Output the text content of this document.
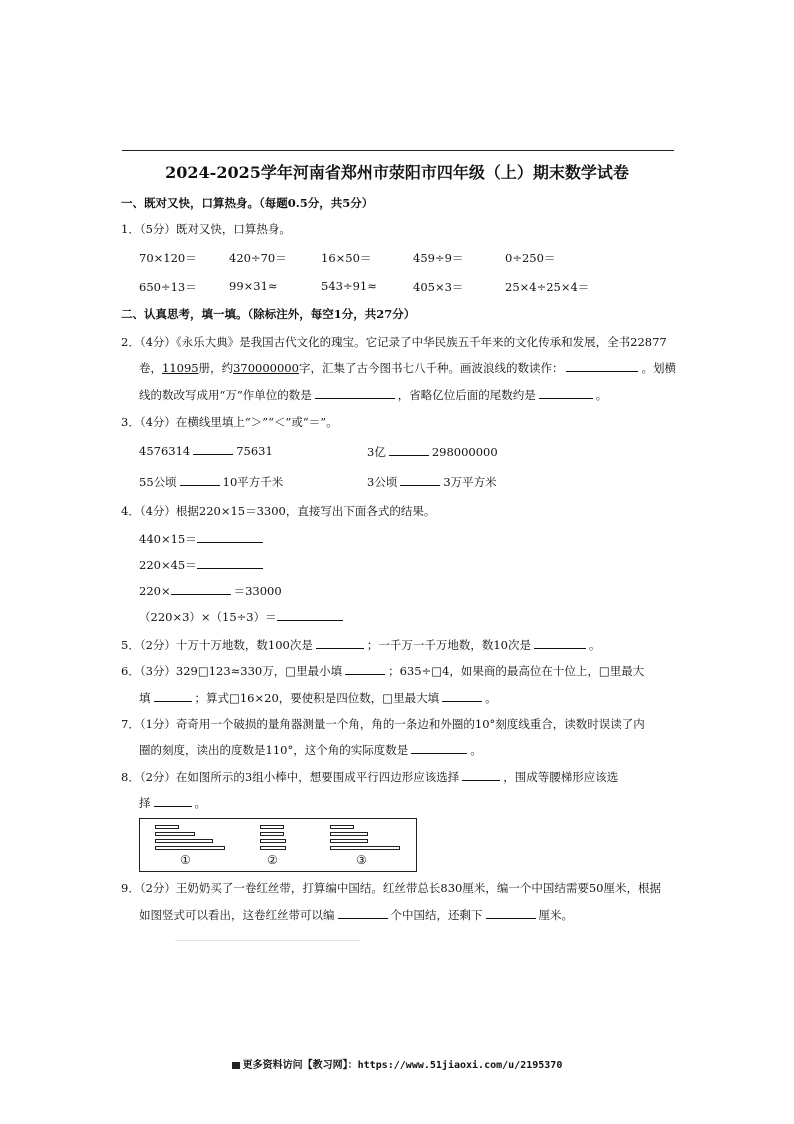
2024-2025学年河南省郑州市荥阳市四年级（上）期末数学试卷
一、既对又快，口算热身。（每题0.5分，共5分）
1．（5分）既对又快，口算热身。
70×120＝	420÷70＝	16×50＝	459÷9＝	0÷250＝
650÷13＝	99×31≈	543÷91≈	405×3＝	25×4÷25×4＝
二、认真思考，填一填。（除标注外，每空1分，共27分）
2．（4分）《永乐大典》是我国古代文化的瑰宝。它记录了中华民族五千年来的文化传承和发展，全书22877
卷，11095册，约370000000字，汇集了古今图书七八千种。画波浪线的数读作：	。划横
线的数改写成用“万”作单位的数是	，省略亿位后面的尾数约是	。
3．（4分）在横线里填上“＞”“＜”或“＝”。
4576314	75631	3亿	298000000
55公顷	10平方千米	3公顷	3万平方米
4．（4分）根据220×15＝3300，直接写出下面各式的结果。
440×15＝
220×45＝
220×	＝33000
（220×3）×（15÷3）＝
5．（2分）十万十万地数，数100次是	；一千万一千万地数，数10次是	。
6．（3分）329□123≈330万，□里最小填	；635÷□4，如果商的最高位在十位上，□里最大
填	；算式□16×20，要使积是四位数，□里最大填	。
7．（1分）奇奇用一个破损的量角器测量一个角，角的一条边和外圈的10°刻度线重合，读数时误读了内
圈的刻度，读出的度数是110°，这个角的实际度数是	。
8．（2分）在如图所示的3组小棒中，想要围成平行四边形应该选择	，围成等腰梯形应该选
择	。
①	②	③
9．（2分）王奶奶买了一卷红丝带，打算编中国结。红丝带总长830厘米，编一个中国结需要50厘米，根据
如图竖式可以看出，这卷红丝带可以编	个中国结，还剩下	厘米。
更多资料访问【教习网】：https://www.51jiaoxi.com/u/2195370
